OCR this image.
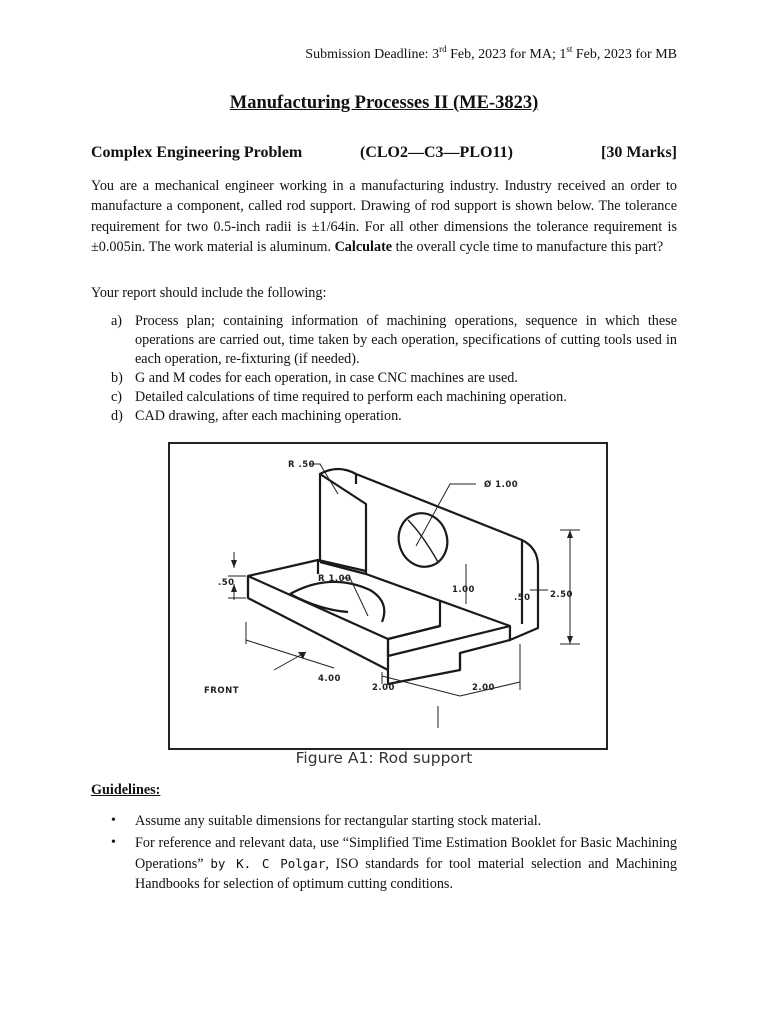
Submission Deadline: 3rd Feb, 2023 for MA; 1st Feb, 2023 for MB
Manufacturing Processes II (ME-3823)
Complex Engineering Problem	(CLO2—C3—PLO11)	[30 Marks]
You are a mechanical engineer working in a manufacturing industry. Industry received an order to manufacture a component, called rod support. Drawing of rod support is shown below. The tolerance requirement for two 0.5-inch radii is ±1/64in. For all other dimensions the tolerance requirement is ±0.005in. The work material is aluminum. Calculate the overall cycle time to manufacture this part?
Your report should include the following:
a) Process plan; containing information of machining operations, sequence in which these operations are carried out, time taken by each operation, specifications of cutting tools used in each operation, re-fixturing (if needed).
b) G and M codes for each operation, in case CNC machines are used.
c) Detailed calculations of time required to perform each machining operation.
d) CAD drawing, after each machining operation.
R .50
Ø 1.00
R 1.00
.50
1.00
.50 2.50
4.00
2.00	2.00
FRONT
Figure A1: Rod support
Guidelines:
• Assume any suitable dimensions for rectangular starting stock material.
• For reference and relevant data, use “Simplified Time Estimation Booklet for Basic Machining Operations” by K. C Polgar, ISO standards for tool material selection and Machining Handbooks for selection of optimum cutting conditions.
